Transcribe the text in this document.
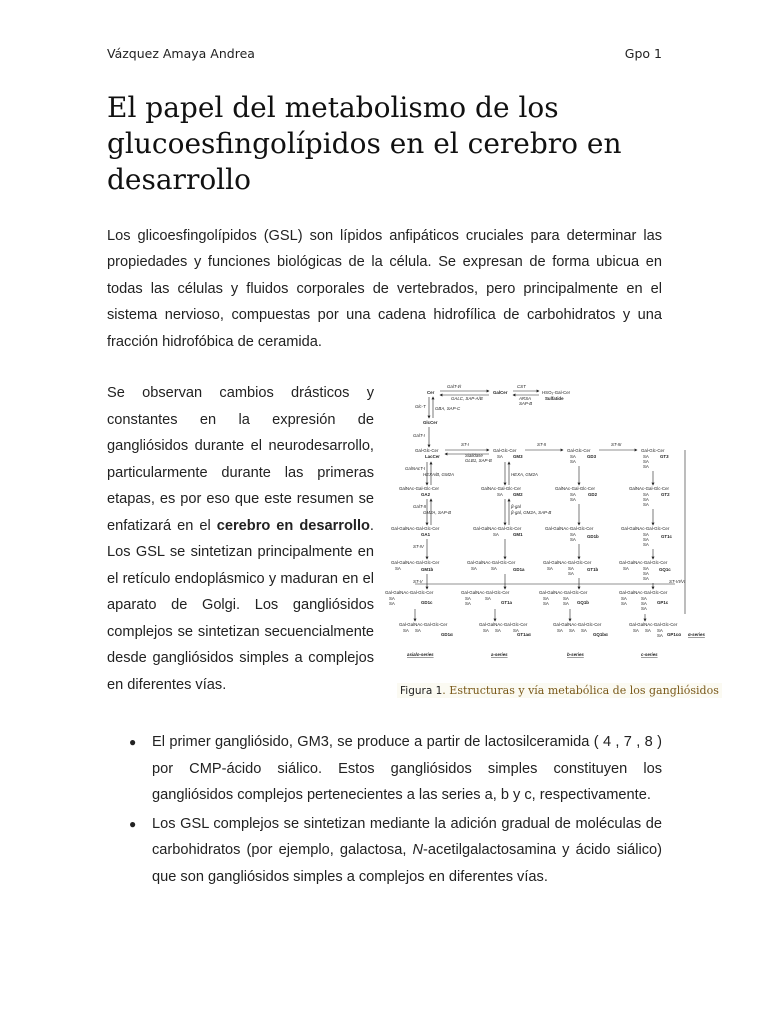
Vázquez Amaya Andrea	Gpo 1
El papel del metabolismo de los glucoesfingolípidos en el cerebro en desarrollo

Los glicoesfingolípidos (GSL) son lípidos anfipáticos cruciales para determinar las propiedades y funciones biológicas de la célula. Se expresan de forma ubicua en todas las células y fluidos corporales de vertebrados, pero principalmente en el sistema nervioso, compuestas por una cadena hidrofílica de carbohidratos y una fracción hidrofóbica de ceramida.

Se observan cambios drásticos y constantes en la expresión de gangliósidos durante el neurodesarrollo, particularmente durante las primeras etapas, es por eso que este resumen se enfatizará en el cerebro en desarrollo. Los GSL se sintetizan principalmente en el retículo endoplásmico y maduran en el aparato de Golgi. Los gangliósidos complejos se sintetizan secuencialmente desde gangliósidos simples a complejos en diferentes vías.

Cer	GalCer	HSO₃-Gal-Cer
Sulfatide
GalT-I/I
GALC, SAP-A/B
CST
ARSA
SAP-B
Glc-T GBA, SAP-C
GlcCer
GalT-I
Gal-Glc-Cer
LacCer
ST-I
Sialidase
GLB1, SAP-B
Gal-Glc-Cer
SA GM3
ST-II
Gal-Glc-Cer
SA
SA
GD3
ST-III
Gal-Glc-Cer
SA
SA
SA
GT3
GalNAcT-I
HEXA/B, GM2A	HEXA, GM2A
GalNAc-Gal-Glc-Cer
GA2
GalNAc-Gal-Glc-Cer
SA GM2
GalNAc-Gal-Glc-Cer
SA
SA
GD2
GalNAc-Gal-Glc-Cer
SA
SA
SA
GT2
GalT-II
GM2A, SAP-B
β-gal
β-gal, GM2A, SAP-B
Gal-GalNAc-Gal-Glc-Cer
GA1
Gal-GalNAc-Gal-Glc-Cer
SA	GM1
Gal-GalNAc-Gal-Glc-Cer
SA
SA
GD1b
Gal-GalNAc-Gal-Glc-Cer
SA
SA
SA
GT1c
ST-IV
Gal-GalNAc-Gal-Glc-Cer
SA	GM1b
Gal-GalNAc-Gal-Glc-Cer
SA	SA	GD1a
Gal-GalNAc-Gal-Glc-Cer
SA	SA
SA
GT1b
Gal-GalNAc-Gal-Glc-Cer
SA	SA
SA
SA
GQ1c
ST-V	ST-VI/VI
Gal-GalNAc-Gal-Glc-Cer
SA
SA	GD1c
Gal-GalNAc-Gal-Glc-Cer
SA
SA
SA
GT1a
Gal-GalNAc-Gal-Glc-Cer
SA
SA
SA
SA GQ1b
Gal-GalNAc-Gal-Glc-Cer
SA
SA
SA
SA
SA
GP1c
Gal-GalNAc-Gal-Glc-Cer
SA SA
GD1α
Gal-GalNAc-Gal-Glc-Cer
SA SA	SA
GT1aα
Gal-GalNAc-Gal-Glc-Cer
SA SA SA
GQ1bα
Gal-GalNAc-Gal-Glc-Cer
SA SA SA
SA GP1cα α-series
asialo-series	a-series	b-series	c-series
Figura 1. Estructuras y vía metabólica de los gangliósidos
● El primer gangliósido, GM3, se produce a partir de lactosilceramida ( 4 , 7 , 8 ) por CMP-ácido siálico. Estos gangliósidos simples constituyen los gangliósidos complejos pertenecientes a las series a, b y c, respectivamente.
● Los GSL complejos se sintetizan mediante la adición gradual de moléculas de carbohidratos (por ejemplo, galactosa, N-acetilgalactosamina y ácido siálico) que son gangliósidos simples a complejos en diferentes vías.
